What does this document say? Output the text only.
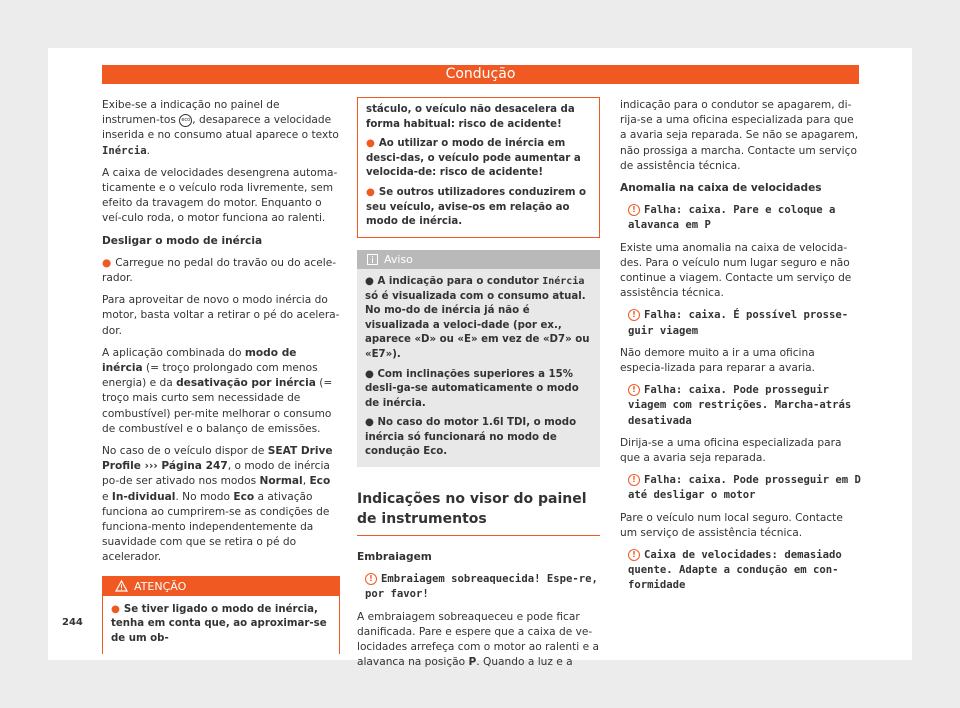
Condução

Exibe-se a indicação no painel de instrumen-tos eco , desaparece a velocidade inserida e no consumo atual aparece o texto Inércia.

A caixa de velocidades desengrena automa-ticamente e o veículo roda livremente, sem efeito da travagem do motor. Enquanto o veí-culo roda, o motor funciona ao ralenti.

Desligar o modo de inércia

● Carregue no pedal do travão ou do acele-rador.

Para aproveitar de novo o modo inércia do motor, basta voltar a retirar o pé do acelera-dor.

A aplicação combinada do modo de inércia (= troço prolongado com menos energia) e da desativação por inércia (= troço mais curto sem necessidade de combustível) per-mite melhorar o consumo de combustível e o balanço de emissões.

No caso de o veículo dispor de SEAT Drive Profile ››› Página 247, o modo de inércia po-de ser ativado nos modos Normal, Eco e In-dividual. No modo Eco a ativação funciona ao cumprirem-se as condições de funciona-mento independentemente da suavidade com que se retira o pé do acelerador.

ATENÇÃO

● Se tiver ligado o modo de inércia, tenha em conta que, ao aproximar-se de um ob-

stáculo, o veículo não desacelera da forma habitual: risco de acidente!

● Ao utilizar o modo de inércia em desci-das, o veículo pode aumentar a velocida-de: risco de acidente!

● Se outros utilizadores conduzirem o seu veículo, avise-os em relação ao modo de inércia.

Aviso

● A indicação para o condutor Inércia só é visualizada com o consumo atual. No mo-do de inércia já não é visualizada a veloci-dade (por ex., aparece «D» ou «E» em vez de «D7» ou «E7»).

● Com inclinações superiores a 15% desli-ga-se automaticamente o modo de inércia.

● No caso do motor 1.6l TDI, o modo inércia só funcionará no modo de condução Eco.

Indicações no visor do painel de instrumentos

Embraiagem

! Embraiagem sobreaquecida! Espe-re, por favor!

A embraiagem sobreaqueceu e pode ficar danificada. Pare e espere que a caixa de ve-locidades arrefeça com o motor ao ralenti e a alavanca na posição P. Quando a luz e a

indicação para o condutor se apagarem, di-rija-se a uma oficina especializada para que a avaria seja reparada. Se não se apagarem, não prossiga a marcha. Contacte um serviço de assistência técnica.

Anomalia na caixa de velocidades

! Falha: caixa. Pare e coloque a alavanca em P

Existe uma anomalia na caixa de velocida-des. Para o veículo num lugar seguro e não continue a viagem. Contacte um serviço de assistência técnica.

! Falha: caixa. É possível prosse-guir viagem

Não demore muito a ir a uma oficina especia-lizada para reparar a avaria.

! Falha: caixa. Pode prosseguir viagem com restrições. Marcha-atrás desativada

Dirija-se a uma oficina especializada para que a avaria seja reparada.

! Falha: caixa. Pode prosseguir em D até desligar o motor

Pare o veículo num local seguro. Contacte um serviço de assistência técnica.

! Caixa de velocidades: demasiado quente. Adapte a condução em con-formidade

244
